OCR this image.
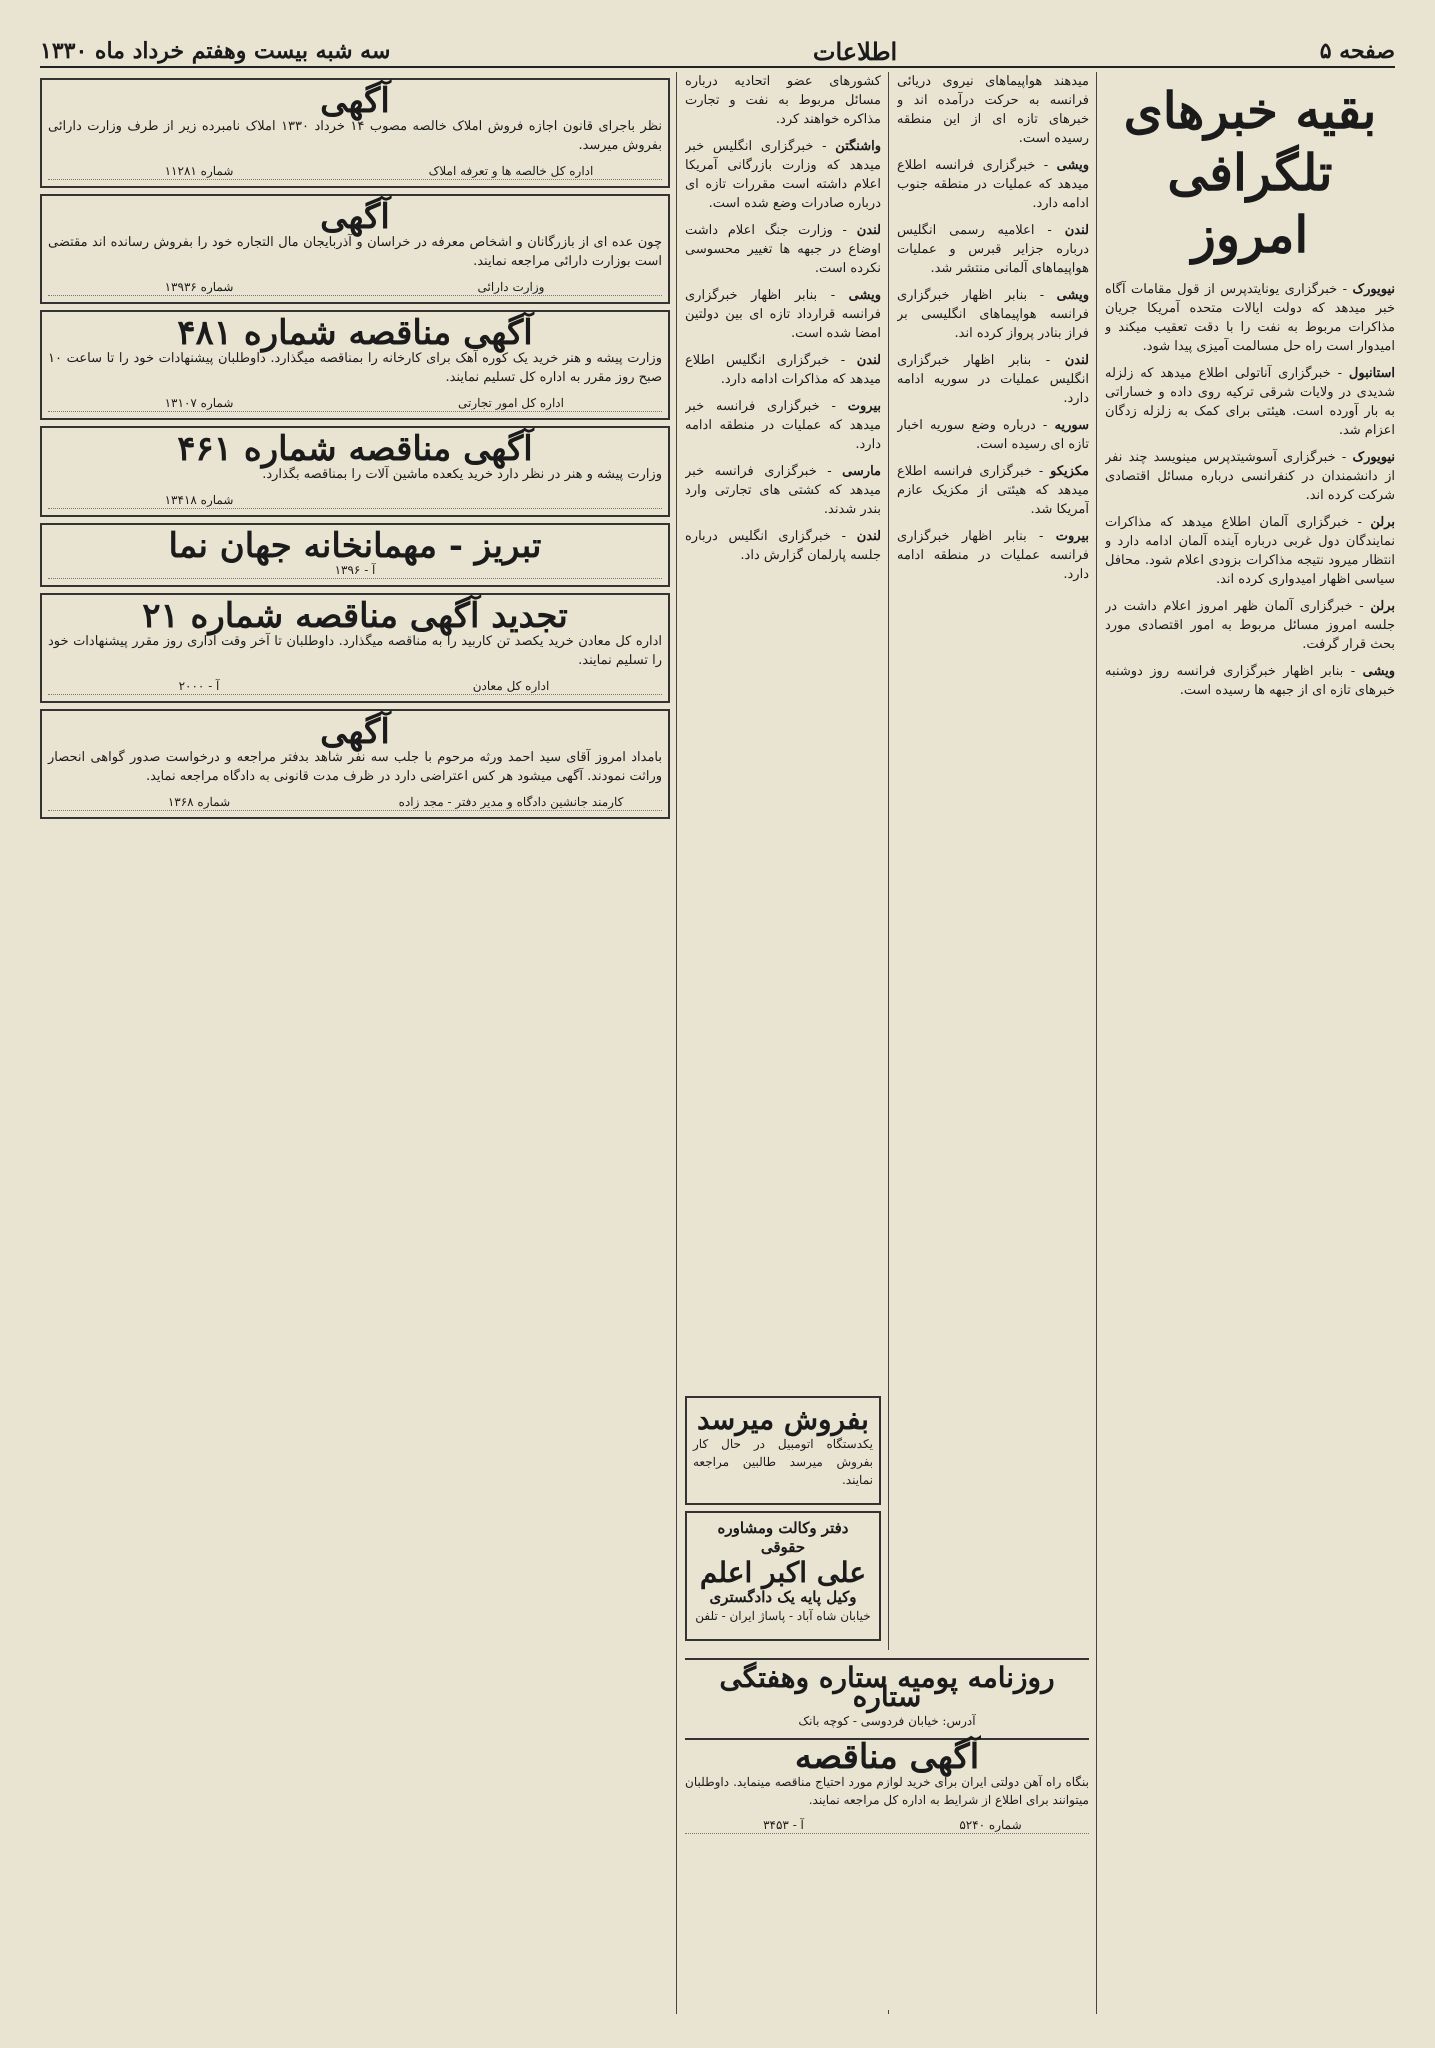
صفحه ۵
اطلاعات
سه شبه بیست وهفتم خرداد ماه ۱۳۳۰
بقیه خبرهای تلگرافی امروز

نیویورک - خبرگزاری یونایتدپرس از قول مقامات آگاه خبر میدهد که دولت ایالات متحده آمریکا جریان مذاکرات مربوط به نفت را با دقت تعقیب میکند و امیدوار است راه حل مسالمت آمیزی پیدا شود.

استانبول - خبرگزاری آناتولی اطلاع میدهد که زلزله شدیدی در ولایات شرقی ترکیه روی داده و خساراتی به بار آورده است. هیئتی برای کمک به زلزله زدگان اعزام شد.

نیویورک - خبرگزاری آسوشیتدپرس مینویسد چند نفر از دانشمندان در کنفرانسی درباره مسائل اقتصادی شرکت کرده اند.

برلن - خبرگزاری آلمان اطلاع میدهد که مذاکرات نمایندگان دول غربی درباره آینده آلمان ادامه دارد و انتظار میرود نتیجه مذاکرات بزودی اعلام شود. محافل سیاسی اظهار امیدواری کرده اند.

برلن - خبرگزاری آلمان ظهر امروز اعلام داشت در جلسه امروز مسائل مربوط به امور اقتصادی مورد بحث قرار گرفت.

ویشی - بنابر اظهار خبرگزاری فرانسه روز دوشنبه خبرهای تازه ای از جبهه ها رسیده است.

میدهند هواپیماهای نیروی دریائی فرانسه به حرکت درآمده اند و خبرهای تازه ای از این منطقه رسیده است.

ویشی - خبرگزاری فرانسه اطلاع میدهد که عملیات در منطقه جنوب ادامه دارد.

لندن - اعلامیه رسمی انگلیس درباره جزایر قبرس و عملیات هواپیماهای آلمانی منتشر شد.

ویشی - بنابر اظهار خبرگزاری فرانسه هواپیماهای انگلیسی بر فراز بنادر پرواز کرده اند.

لندن - بنابر اظهار خبرگزاری انگلیس عملیات در سوریه ادامه دارد.

سوریه - درباره وضع سوریه اخبار تازه ای رسیده است.

مکزیکو - خبرگزاری فرانسه اطلاع میدهد که هیئتی از مکزیک عازم آمریکا شد.

بیروت - بنابر اظهار خبرگزاری فرانسه عملیات در منطقه ادامه دارد.

کشورهای عضو اتحادیه درباره مسائل مربوط به نفت و تجارت مذاکره خواهند کرد.

واشنگتن - خبرگزاری انگلیس خبر میدهد که وزارت بازرگانی آمریکا اعلام داشته است مقررات تازه ای درباره صادرات وضع شده است.

لندن - وزارت جنگ اعلام داشت اوضاع در جبهه ها تغییر محسوسی نکرده است.

ویشی - بنابر اظهار خبرگزاری فرانسه قرارداد تازه ای بین دولتین امضا شده است.

لندن - خبرگزاری انگلیس اطلاع میدهد که مذاکرات ادامه دارد.

بیروت - خبرگزاری فرانسه خبر میدهد که عملیات در منطقه ادامه دارد.

مارسی - خبرگزاری فرانسه خبر میدهد که کشتی های تجارتی وارد بندر شدند.

لندن - خبرگزاری انگلیس درباره جلسه پارلمان گزارش داد.

بفروش میرسد

یکدستگاه اتومبیل در حال کار بفروش میرسد طالبین مراجعه نمایند.

دفتر وکالت ومشاوره حقوقی
علی اکبر اعلم
وکیل پایه یک دادگستری

خیابان شاه آباد - پاساژ ایران - تلفن

روزنامه پومیه ستاره وهفتگی ستاره
آدرس: خیابان فردوسی - کوچه بانک
آگهی مناقصه

بنگاه راه آهن دولتی ایران برای خرید لوازم مورد احتیاج مناقصه مینماید. داوطلبان میتوانند برای اطلاع از شرایط به اداره کل مراجعه نمایند.

شماره ۵۲۴۰
آ - ۳۴۵۳
آگهی

نظر باجرای قانون اجازه فروش املاک خالصه مصوب ۱۴ خرداد ۱۳۳۰ املاک نامبرده زیر از طرف وزارت دارائی بفروش میرسد.

اداره کل خالصه ها و تعرفه املاک
شماره ۱۱۲۸۱
آگهی

چون عده ای از بازرگانان و اشخاص معرفه در خراسان و آذربایجان مال التجاره خود را بفروش رسانده اند مقتضی است بوزارت دارائی مراجعه نمایند.

وزارت دارائی
شماره ۱۳۹۳۶
آگهی مناقصه شماره ۴۸۱

وزارت پیشه و هنر خرید یک کوره آهک برای کارخانه را بمناقصه میگذارد. داوطلبان پیشنهادات خود را تا ساعت ۱۰ صبح روز مقرر به اداره کل تسلیم نمایند.

اداره کل امور تجارتی
شماره ۱۳۱۰۷
آگهی مناقصه شماره ۴۶۱

وزارت پیشه و هنر در نظر دارد خرید یکعده ماشین آلات را بمناقصه بگذارد.

شماره ۱۳۴۱۸
تبریز - مهمانخانه جهان نما
آ - ۱۳۹۶
تجدید آگهی مناقصه شماره ۲۱

اداره کل معادن خرید یکصد تن کاربید را به مناقصه میگذارد. داوطلبان تا آخر وقت اداری روز مقرر پیشنهادات خود را تسلیم نمایند.

اداره کل معادن
آ - ۲۰۰۰
آگهی

بامداد امروز آقای سید احمد ورثه مرحوم با جلب سه نفر شاهد بدفتر مراجعه و درخواست صدور گواهی انحصار وراثت نمودند. آگهی میشود هر کس اعتراضی دارد در ظرف مدت قانونی به دادگاه مراجعه نماید.

کارمند جانشین دادگاه و مدیر دفتر - مجد زاده
شماره ۱۳۶۸
